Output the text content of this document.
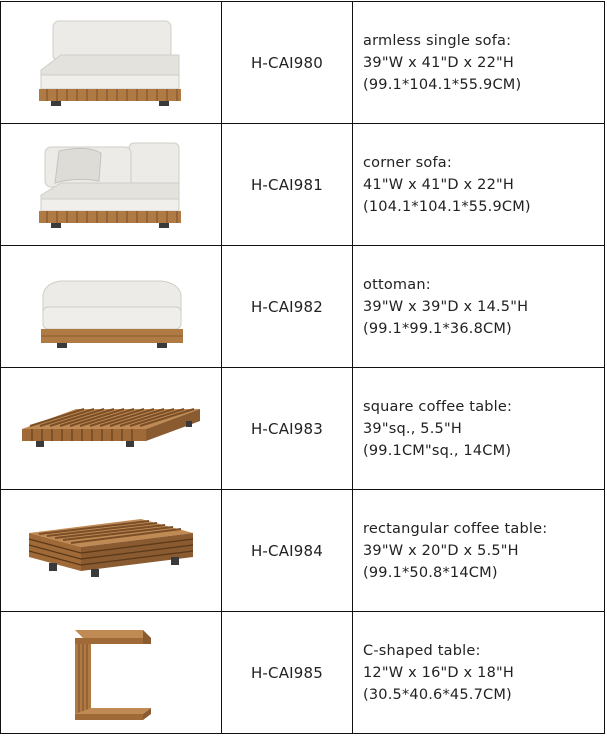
	H-CAI980	armless single sofa:
39"W x 41"D x 22"H
(99.1*104.1*55.9CM)

	H-CAI981	corner sofa:
41"W x 41"D x 22"H
(104.1*104.1*55.9CM)

	H-CAI982	ottoman:
39"W x 39"D x 14.5"H
(99.1*99.1*36.8CM)

	H-CAI983	square coffee table:
39"sq., 5.5"H
(99.1CM"sq., 14CM)

	H-CAI984	rectangular coffee table:
39"W x 20"D x 5.5"H
(99.1*50.8*14CM)

	H-CAI985	C-shaped table:
12"W x 16"D x 18"H
(30.5*40.6*45.7CM)
